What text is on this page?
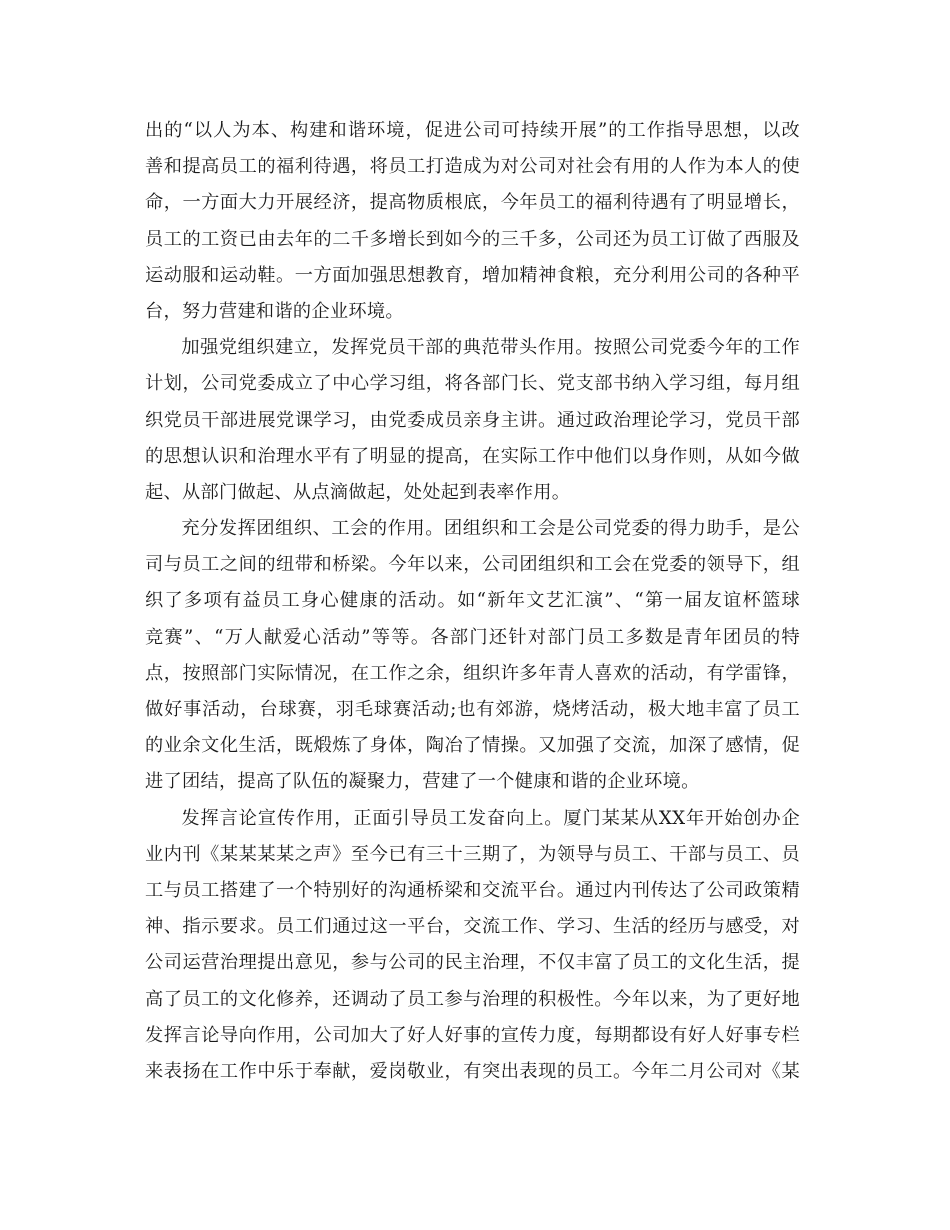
出的“以人为本、构建和谐环境，促进公司可持续开展”的工作指导思想，以改
善和提高员工的福利待遇，将员工打造成为对公司对社会有用的人作为本人的使
命，一方面大力开展经济，提高物质根底，今年员工的福利待遇有了明显增长，
员工的工资已由去年的二千多增长到如今的三千多，公司还为员工订做了西服及
运动服和运动鞋。一方面加强思想教育，增加精神食粮，充分利用公司的各种平
台，努力营建和谐的企业环境。
加强党组织建立，发挥党员干部的典范带头作用。按照公司党委今年的工作
计划，公司党委成立了中心学习组，将各部门长、党支部书纳入学习组，每月组
织党员干部进展党课学习，由党委成员亲身主讲。通过政治理论学习，党员干部
的思想认识和治理水平有了明显的提高，在实际工作中他们以身作则，从如今做
起、从部门做起、从点滴做起，处处起到表率作用。
充分发挥团组织、工会的作用。团组织和工会是公司党委的得力助手，是公
司与员工之间的纽带和桥梁。今年以来，公司团组织和工会在党委的领导下，组
织了多项有益员工身心健康的活动。如“新年文艺汇演”、“第一届友谊杯篮球
竞赛”、“万人献爱心活动”等等。各部门还针对部门员工多数是青年团员的特
点，按照部门实际情况，在工作之余，组织许多年青人喜欢的活动，有学雷锋，
做好事活动，台球赛，羽毛球赛活动;也有郊游，烧烤活动，极大地丰富了员工
的业余文化生活，既煅炼了身体，陶冶了情操。又加强了交流，加深了感情，促
进了团结，提高了队伍的凝聚力，营建了一个健康和谐的企业环境。
发挥言论宣传作用，正面引导员工发奋向上。厦门某某从XX年开始创办企
业内刊《某某某某之声》至今已有三十三期了，为领导与员工、干部与员工、员
工与员工搭建了一个特别好的沟通桥梁和交流平台。通过内刊传达了公司政策精
神、指示要求。员工们通过这一平台，交流工作、学习、生活的经历与感受，对
公司运营治理提出意见，参与公司的民主治理，不仅丰富了员工的文化生活，提
高了员工的文化修养，还调动了员工参与治理的积极性。今年以来，为了更好地
发挥言论导向作用，公司加大了好人好事的宣传力度，每期都设有好人好事专栏
来表扬在工作中乐于奉献，爱岗敬业，有突出表现的员工。今年二月公司对《某
